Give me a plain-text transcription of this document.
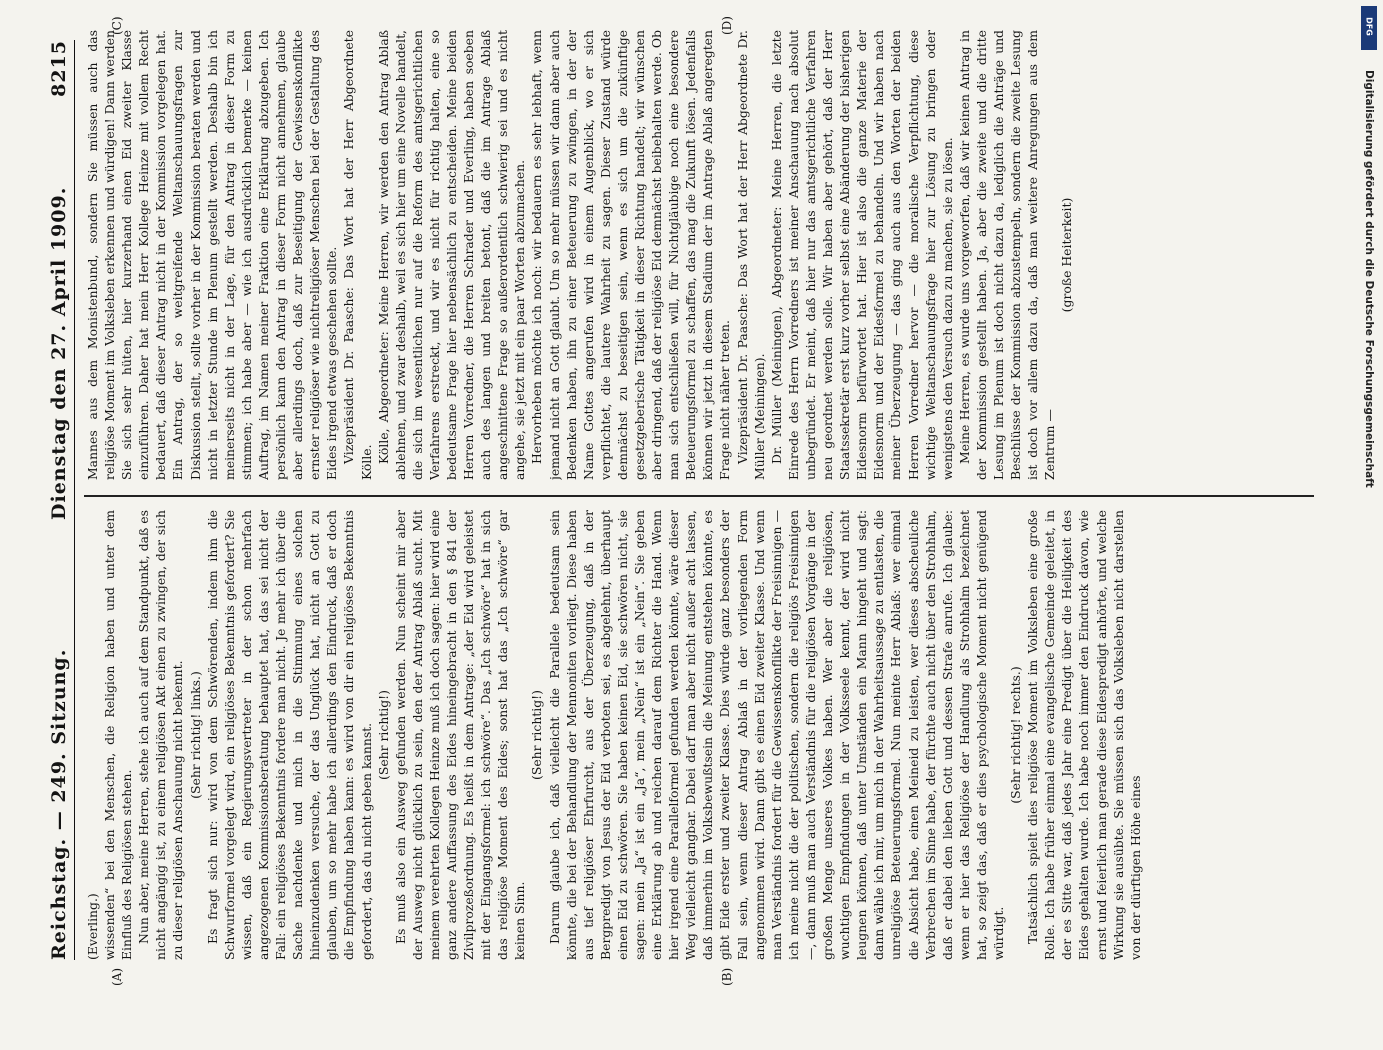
Reichstag. — 249. Sitzung.
Dienstag den 27. April 1909.
8215

(Everling.) wissenden“ bei den Menschen, die Religion haben und unter dem Einfluß des Religiösen stehen. Nun aber, meine Herren, stehe ich auch auf dem Standpunkt, daß es nicht angängig ist, zu einem religiösen Akt einen zu zwingen, der sich zu dieser religiösen Anschauung nicht bekennt. (Sehr richtig! links.) Es fragt sich nur: wird von dem Schwörenden, indem ihm die Schwurformel vorgelegt wird, ein religiöses Bekenntnis gefordert? Sie wissen, daß ein Regierungsvertreter in der schon mehrfach angezogenen Kommissionsberatung behauptet hat, das sei nicht der Fall: ein religiöses Bekenntnis fordere man nicht. Je mehr ich über die Sache nachdenke und mich in die Stimmung eines solchen hineinzudenken versuche, der das Unglück hat, nicht an Gott zu glauben, um so mehr habe ich allerdings den Eindruck, daß er doch die Empfindung haben kann: es wird von dir ein religiöses Bekenntnis gefordert, das du nicht geben kannst. (Sehr richtig!) Es muß also ein Ausweg gefunden werden. Nun scheint mir aber der Ausweg nicht glücklich zu sein, den der Antrag Ablaß sucht. Mit meinem verehrten Kollegen Heinze muß ich doch sagen: hier wird eine ganz andere Auffassung des Eides hineingebracht in den § 841 der Zivilprozeßordnung. Es heißt in dem Antrage: „der Eid wird geleistet mit der Eingangsformel: ich schwöre“. Das „Ich schwöre“ hat in sich das religiöse Moment des Eides; sonst hat das „Ich schwöre“ gar keinen Sinn.

(Sehr richtig!) Darum glaube ich, daß vielleicht die Parallele bedeutsam sein könnte, die bei der Behandlung der Mennoniten vorliegt. Diese haben aus tief religiöser Ehrfurcht, aus der Überzeugung, daß in der Bergpredigt von Jesus der Eid verboten sei, es abgelehnt, überhaupt einen Eid zu schwören. Sie haben keinen Eid, sie schwören nicht, sie sagen: mein „Ja“ ist ein „Ja“, mein „Nein“ ist ein „Nein“. Sie geben eine Erklärung ab und reichen darauf dem Richter die Hand. Wenn hier irgend eine Parallelformel gefunden werden könnte, wäre dieser Weg vielleicht gangbar. Dabei darf man aber nicht außer acht lassen, daß immerhin im Volksbewußtsein die Meinung entstehen könnte, es gibt Eide erster und zweiter Klasse. Dies würde ganz besonders der Fall sein, wenn dieser Antrag Ablaß in der vorliegenden Form angenommen wird. Dann gibt es einen Eid zweiter Klasse. Und wenn man Verständnis fordert für die Gewissenskonflikte der Freisinnigen — ich meine nicht die der politischen, sondern die religiös Freisinnigen —, dann muß man auch Verständnis für die religiösen Vorgänge in der großen Menge unseres Volkes haben. Wer aber die religiösen, wuchtigen Empfindungen in der Volksseele kennt, der wird nicht leugnen können, daß unter Umständen ein Mann hingeht und sagt: dann wähle ich mir, um mich in der Wahrheitsaussage zu entlasten, die unreligiöse Beteuerungsformel. Nun meinte Herr Ablaß: wer einmal die Absicht habe, einen Meineid zu leisten, wer dieses abscheuliche Verbrechen im Sinne habe, der fürchte auch nicht über den Strohhalm, daß er dabei den lieben Gott und dessen Strafe anrufe. Ich glaube: wenn er hier das Religiöse der Handlung als Strohhalm bezeichnet hat, so zeigt das, daß er dies psychologische Moment nicht genügend würdigt.

(Sehr richtig! rechts.) Tatsächlich spielt dies religiöse Moment im Volksleben eine große Rolle. Ich habe früher einmal eine evangelische Gemeinde geleitet, in der es Sitte war, daß jedes Jahr eine Predigt über die Heiligkeit des Eides gehalten wurde. Ich habe noch immer den Eindruck davon, wie ernst und feierlich man gerade diese Eidespredigt anhörte, und welche Wirkung sie ausübte. Sie müssen sich das Volksleben nicht darstellen von der dürftigen Höhe eines

Mannes aus dem Monistenbund, sondern Sie müssen auch das religiöse Moment im Volksleben erkennen und würdigen! Dann werden Sie sich sehr hüten, hier kurzerhand einen Eid zweiter Klasse einzuführen. Daher hat mein Herr Kollege Heinze mit vollem Recht bedauert, daß dieser Antrag nicht in der Kommission vorgelegen hat. Ein Antrag, der so weitgreifende Weltanschauungsfragen zur Diskussion stellt, sollte vorher in der Kommission beraten werden und nicht in letzter Stunde im Plenum gestellt werden. Deshalb bin ich meinerseits nicht in der Lage, für den Antrag in dieser Form zu stimmen; ich habe aber — wie ich ausdrücklich bemerke — keinen Auftrag, im Namen meiner Fraktion eine Erklärung abzugeben. Ich persönlich kann den Antrag in dieser Form nicht annehmen, glaube aber allerdings doch, daß zur Beseitigung der Gewissenskonflikte ernster religiöser wie nichtreligiöser Menschen bei der Gestaltung des Eides irgend etwas geschehen sollte. Vizepräsident Dr. Paasche: Das Wort hat der Herr Abgeordnete Kölle. Kölle, Abgeordneter: Meine Herren, wir werden den Antrag Ablaß ablehnen, und zwar deshalb, weil es sich hier um eine Novelle handelt, die sich im wesentlichen nur auf die Reform des amtsgerichtlichen Verfahrens erstreckt, und wir es nicht für richtig halten, eine so bedeutsame Frage hier nebensächlich zu entscheiden. Meine beiden Herren Vorredner, die Herren Schrader und Everling, haben soeben auch des langen und breiten betont, daß die im Antrage Ablaß angeschnittene Frage so außerordentlich schwierig sei und es nicht angehe, sie jetzt mit ein paar Worten abzumachen. Hervorheben möchte ich noch: wir bedauern es sehr lebhaft, wenn jemand nicht an Gott glaubt. Um so mehr müssen wir dann aber auch Bedenken haben, ihn zu einer Beteuerung zu zwingen, in der der Name Gottes angerufen wird in einem Augenblick, wo er sich verpflichtet, die lautere Wahrheit zu sagen. Dieser Zustand würde demnächst zu beseitigen sein, wenn es sich um die zukünftige gesetzgeberische Tätigkeit in dieser Richtung handelt; wir wünschen aber dringend, daß der religiöse Eid demnächst beibehalten werde. Ob man sich entschließen will, für Nichtgläubige noch eine besondere Beteuerungsformel zu schaffen, das mag die Zukunft lösen. Jedenfalls können wir jetzt in diesem Stadium der im Antrage Ablaß angeregten Frage nicht näher treten. Vizepräsident Dr. Paasche: Das Wort hat der Herr Abgeordnete Dr. Müller (Meiningen). Dr. Müller (Meiningen), Abgeordneter: Meine Herren, die letzte Einrede des Herrn Vorredners ist meiner Anschauung nach absolut unbegründet. Er meint, daß hier nur das amtsgerichtliche Verfahren neu geordnet werden solle. Wir haben aber gehört, daß der Herr Staatssekretär erst kurz vorher selbst eine Abänderung der bisherigen Eidesnorm befürwortet hat. Hier ist also die ganze Materie der Eidesnorm und der Eidesformel zu behandeln. Und wir haben nach meiner Überzeugung — das ging auch aus den Worten der beiden Herren Vorredner hervor — die moralische Verpflichtung, diese wichtige Weltanschauungsfrage hier zur Lösung zu bringen oder wenigstens den Versuch dazu zu machen, sie zu lösen. Meine Herren, es wurde uns vorgeworfen, daß wir keinen Antrag in der Kommission gestellt haben. Ja, aber die zweite und die dritte Lesung im Plenum ist doch nicht dazu da, lediglich die Anträge und Beschlüsse der Kommission abzustempeln, sondern die zweite Lesung ist doch vor allem dazu da, daß man weitere Anregungen aus dem Zentrum —

(große Heiterkeit)

(A)	(B)
(C)	(D)	DFG
Digitalisierung gefördert durch die Deutsche Forschungsgemeinschaft
